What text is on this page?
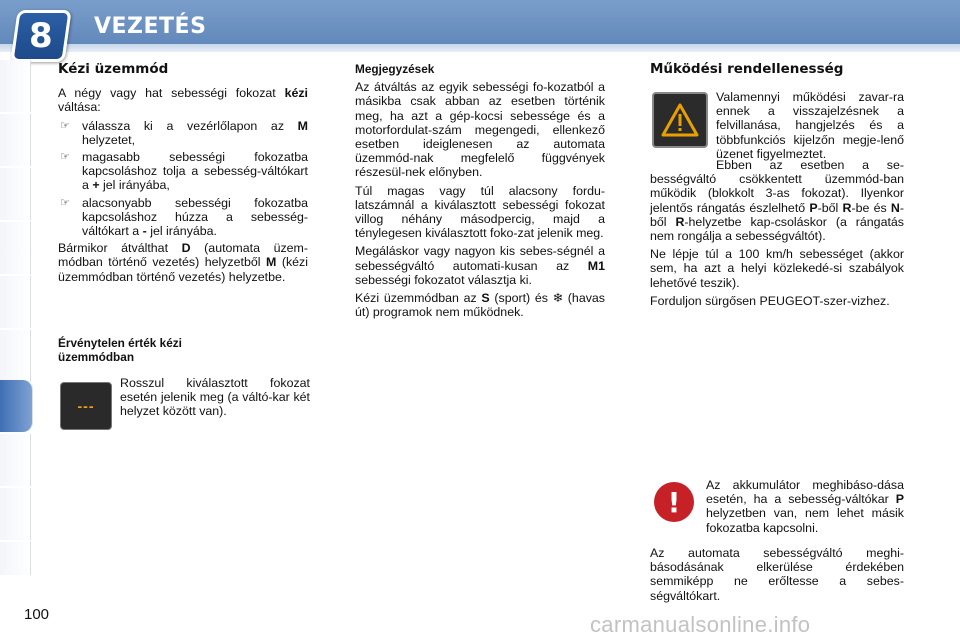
8 VEZETÉS
Kézi üzemmód

A négy vagy hat sebességi fokozat kézi váltása:

☞ válassza ki a vezérlőlapon az M helyzetet,
☞ magasabb sebességi fokozatba kapcsoláshoz tolja a sebesség-váltókart a + jel irányába,
☞ alacsonyabb sebességi fokozatba kapcsoláshoz húzza a sebesség-váltókart a - jel irányába.

Bármikor átválthat D (automata üzem-módban történő vezetés) helyzetből M (kézi üzemmódban történő vezetés) helyzetbe.

Érvénytelen érték kézi üzemmódban
---
Rosszul kiválasztott fokozat esetén jelenik meg (a váltó-kar két helyzet között van).
Megjegyzések

Az átváltás az egyik sebességi fo-kozatból a másikba csak abban az esetben történik meg, ha azt a gép-kocsi sebessége és a motorfordulat-szám megengedi, ellenkező esetben ideiglenesen az automata üzemmód-nak megfelelő függvények részesül-nek előnyben.

Túl magas vagy túl alacsony fordu-latszámnál a kiválasztott sebességi fokozat villog néhány másodpercig, majd a ténylegesen kiválasztott foko-zat jelenik meg.

Megáláskor vagy nagyon kis sebes-ségnél a sebességváltó automati-kusan az M1 sebességi fokozatot választja ki.

Kézi üzemmódban az S (sport) és ❄ (havas út) programok nem működnek.

Működési rendellenesség
Valamennyi működési zavar-ra ennek a visszajelzésnek a felvillanása, hangjelzés és a többfunkciós kijelzőn megje-lenő üzenet figyelmeztet.

Ebben az esetben a se-bességváltó csökkentett üzemmód-ban működik (blokkolt 3-as fokozat). Ilyenkor jelentős rángatás észlelhető P-ből R-be és N-ből R-helyzetbe kap-csoláskor (a rángatás nem rongálja a sebességváltót).

Ne lépje túl a 100 km/h sebességet (akkor sem, ha azt a helyi közlekedé-si szabályok lehetővé teszik).

Forduljon sürgősen PEUGEOT-szer-vizhez.

!
Az akkumulátor meghibáso-dása esetén, ha a sebesség-váltókar P helyzetben van, nem lehet másik fokozatba kapcsolni.
Az automata sebességváltó meghi-básodásának elkerülése érdekében semmiképp ne erőltesse a sebes-ségváltókart.
100	carmanualsonline.info
